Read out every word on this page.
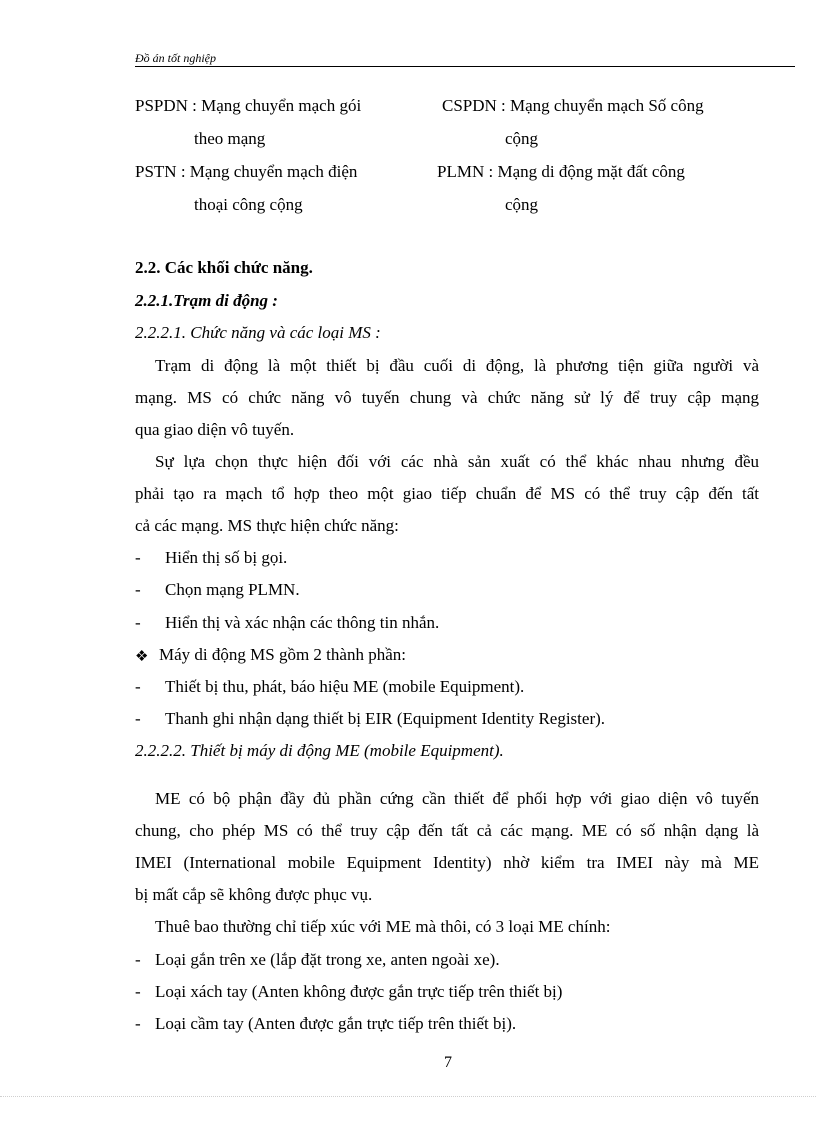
Đồ án tốt nghiệp
PSPDN : Mạng chuyển mạch gói
theo mạng
CSPDN : Mạng chuyển mạch Số công
cộng
PSTN : Mạng chuyển mạch điện
thoại công cộng
PLMN : Mạng di động mặt đất công
cộng
2.2. Các khối chức năng.
2.2.1.Trạm di động :
2.2.2.1. Chức năng và các loại MS :
Trạm di động là một thiết bị đầu cuối di động, là phương tiện giữa người và
mạng. MS có chức năng vô tuyến chung và chức năng sử lý để truy cập mạng
qua giao diện vô tuyến.
Sự lựa chọn thực hiện đối với các nhà sản xuất có thể khác nhau nhưng đều
phải tạo ra mạch tổ hợp theo một giao tiếp chuẩn để MS có thể truy cập đến tất
cả các mạng. MS thực hiện chức năng:
- Hiển thị số bị gọi.
- Chọn mạng PLMN.
- Hiển thị và xác nhận các thông tin nhắn.
❖ Máy di động MS gồm 2 thành phần:
- Thiết bị thu, phát, báo hiệu ME (mobile Equipment).
- Thanh ghi nhận dạng thiết bị EIR (Equipment Identity Register).
2.2.2.2. Thiết bị máy di động ME (mobile Equipment).
ME có bộ phận đầy đủ phần cứng cần thiết để phối hợp với giao diện vô tuyến
chung, cho phép MS có thể truy cập đến tất cả các mạng. ME có số nhận dạng là
IMEI (International mobile Equipment Identity) nhờ kiểm tra IMEI này mà ME
bị mất cắp sẽ không được phục vụ.
Thuê bao thường chỉ tiếp xúc với ME mà thôi, có 3 loại ME chính:
- Loại gắn trên xe (lắp đặt trong xe, anten ngoài xe).
- Loại xách tay (Anten không được gắn trực tiếp trên thiết bị)
- Loại cầm tay (Anten được gắn trực tiếp trên thiết bị).
7
